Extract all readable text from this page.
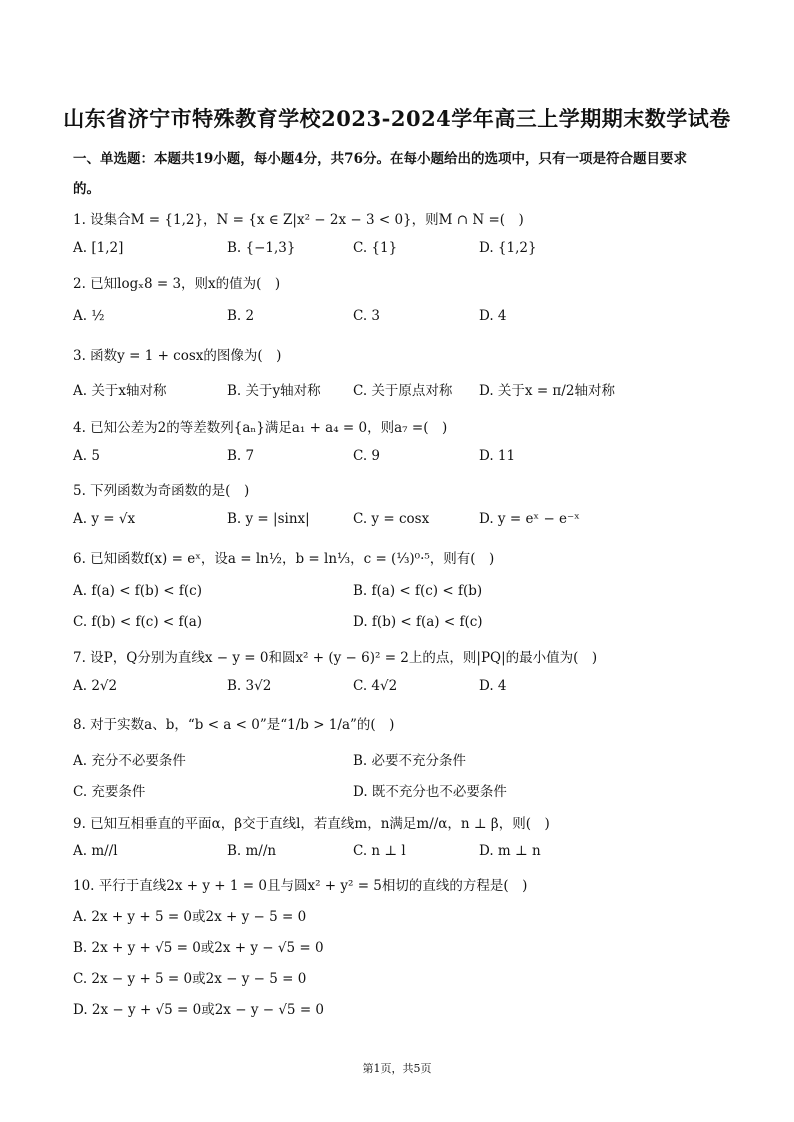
山东省济宁市特殊教育学校2023-2024学年高三上学期期末数学试卷
一、单选题：本题共19小题，每小题4分，共76分。在每小题给出的选项中，只有一项是符合题目要求
的。
1. 设集合M = {1,2}，N = {x ∈ Z|x² − 2x − 3 < 0}，则M ∩ N =(　)
A. [1,2]	B. {−1,3}	C. {1}	D. {1,2}
2. 已知logₓ8 = 3，则x的值为(　)
A. ½	B. 2	C. 3	D. 4
3. 函数y = 1 + cosx的图像为(　)
A. 关于x轴对称	B. 关于y轴对称 C. 关于原点对称 D. 关于x = π/2轴对称
4. 已知公差为2的等差数列{aₙ}满足a₁ + a₄ = 0，则a₇ =(　)
A. 5	B. 7	C. 9	D. 11
5. 下列函数为奇函数的是(　)
A. y = √x	B. y = |sinx|	C. y = cosx	D. y = eˣ − e⁻ˣ
6. 已知函数f(x) = eˣ，设a = ln½，b = ln⅓，c = (⅓)⁰·⁵，则有(　)
A. f(a) < f(b) < f(c)	B. f(a) < f(c) < f(b)
C. f(b) < f(c) < f(a)	D. f(b) < f(a) < f(c)
7. 设P，Q分别为直线x − y = 0和圆x² + (y − 6)² = 2上的点，则|PQ|的最小值为(　)
A. 2√2	B. 3√2	C. 4√2	D. 4
8. 对于实数a、b，“b < a < 0”是“1/b > 1/a”的(　)
A. 充分不必要条件	B. 必要不充分条件
C. 充要条件	D. 既不充分也不必要条件
9. 已知互相垂直的平面α，β交于直线l，若直线m，n满足m//α，n ⊥ β，则(　)
A. m//l	B. m//n	C. n ⊥ l	D. m ⊥ n
10. 平行于直线2x + y + 1 = 0且与圆x² + y² = 5相切的直线的方程是(　)
A. 2x + y + 5 = 0或2x + y − 5 = 0
B. 2x + y + √5 = 0或2x + y − √5 = 0
C. 2x − y + 5 = 0或2x − y − 5 = 0
D. 2x − y + √5 = 0或2x − y − √5 = 0
第1页，共5页
